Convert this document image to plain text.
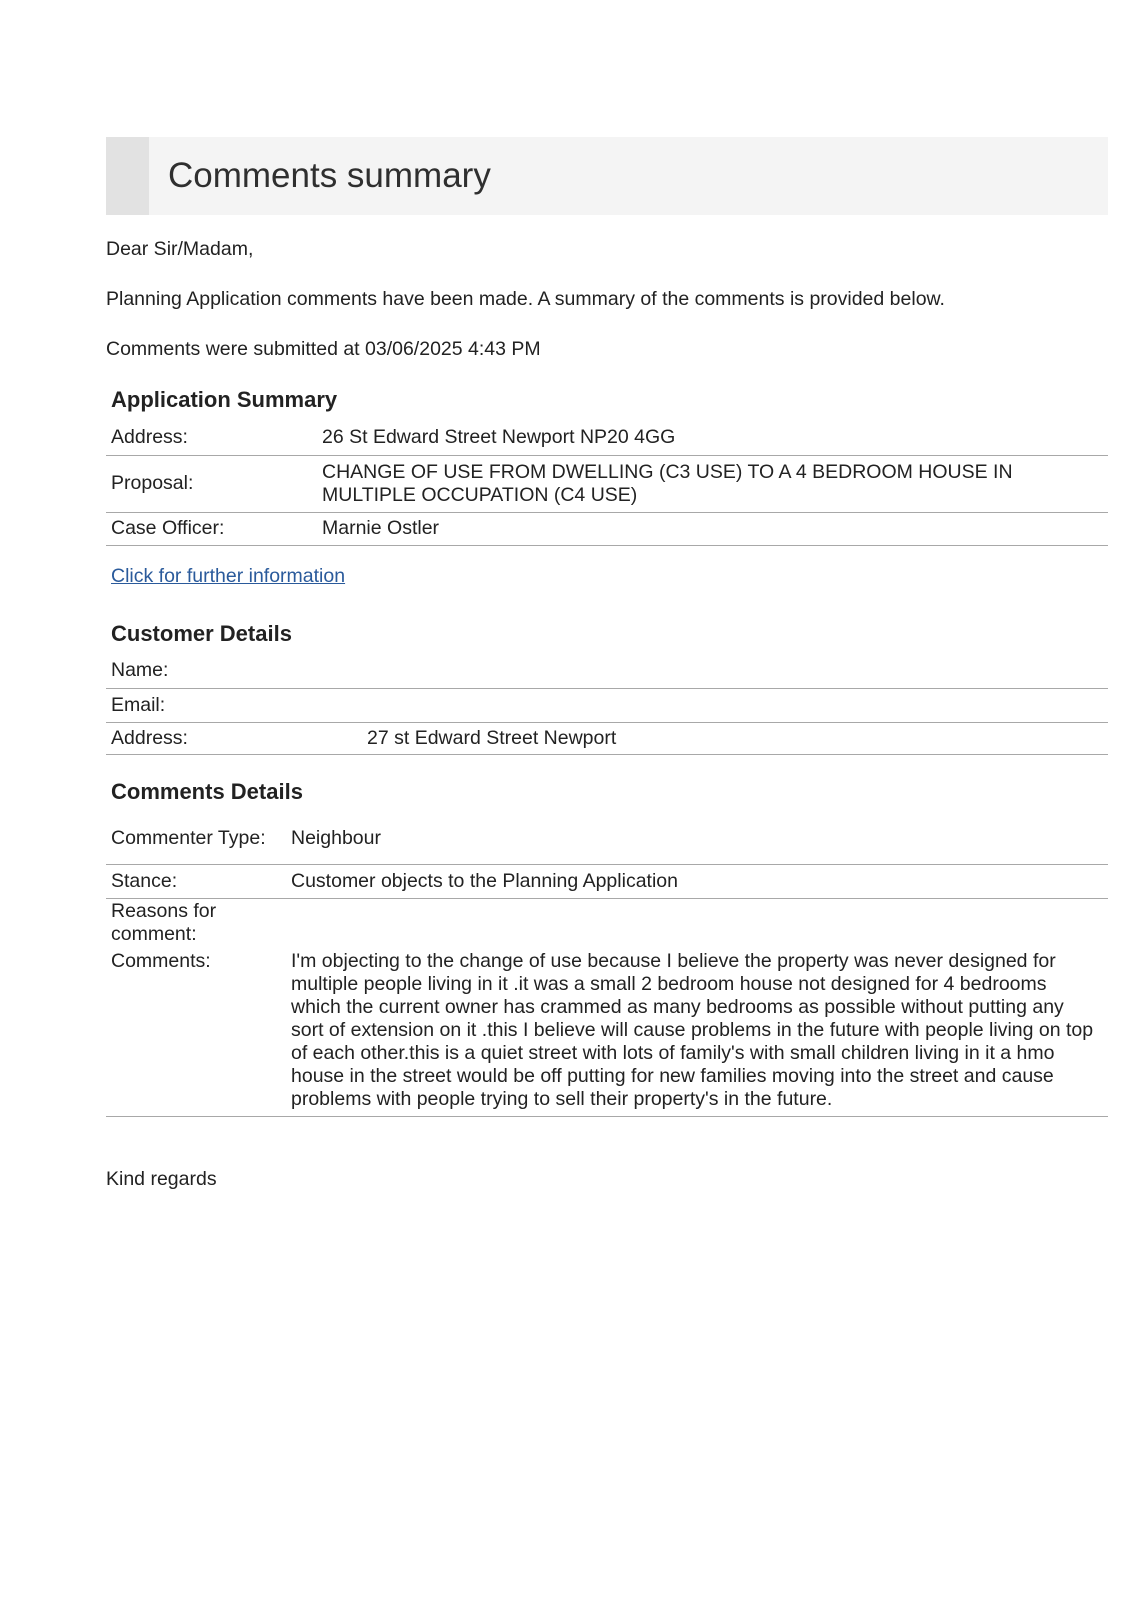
Comments summary

Dear Sir/Madam,

Planning Application comments have been made. A summary of the comments is provided below.

Comments were submitted at 03/06/2025 4:43 PM

Application Summary
Address:	26 St Edward Street Newport NP20 4GG
Proposal:	CHANGE OF USE FROM DWELLING (C3 USE) TO A 4 BEDROOM HOUSE IN MULTIPLE OCCUPATION (C4 USE)
Case Officer:	Marnie Ostler
Click for further information
Customer Details
Name:	
Email:	
Address:	27 st Edward Street Newport
Comments Details
Commenter Type:	Neighbour
Stance:	Customer objects to the Planning Application
Reasons for comment:	
Comments:	I'm objecting to the change of use because I believe the property was never designed for multiple people living in it .it was a small 2 bedroom house not designed for 4 bedrooms which the current owner has crammed as many bedrooms as possible without putting any sort of extension on it .this I believe will cause problems in the future with people living on top of each other.this is a quiet street with lots of family's with small children living in it a hmo house in the street would be off putting for new families moving into the street and cause problems with people trying to sell their property's in the future.

Kind regards
